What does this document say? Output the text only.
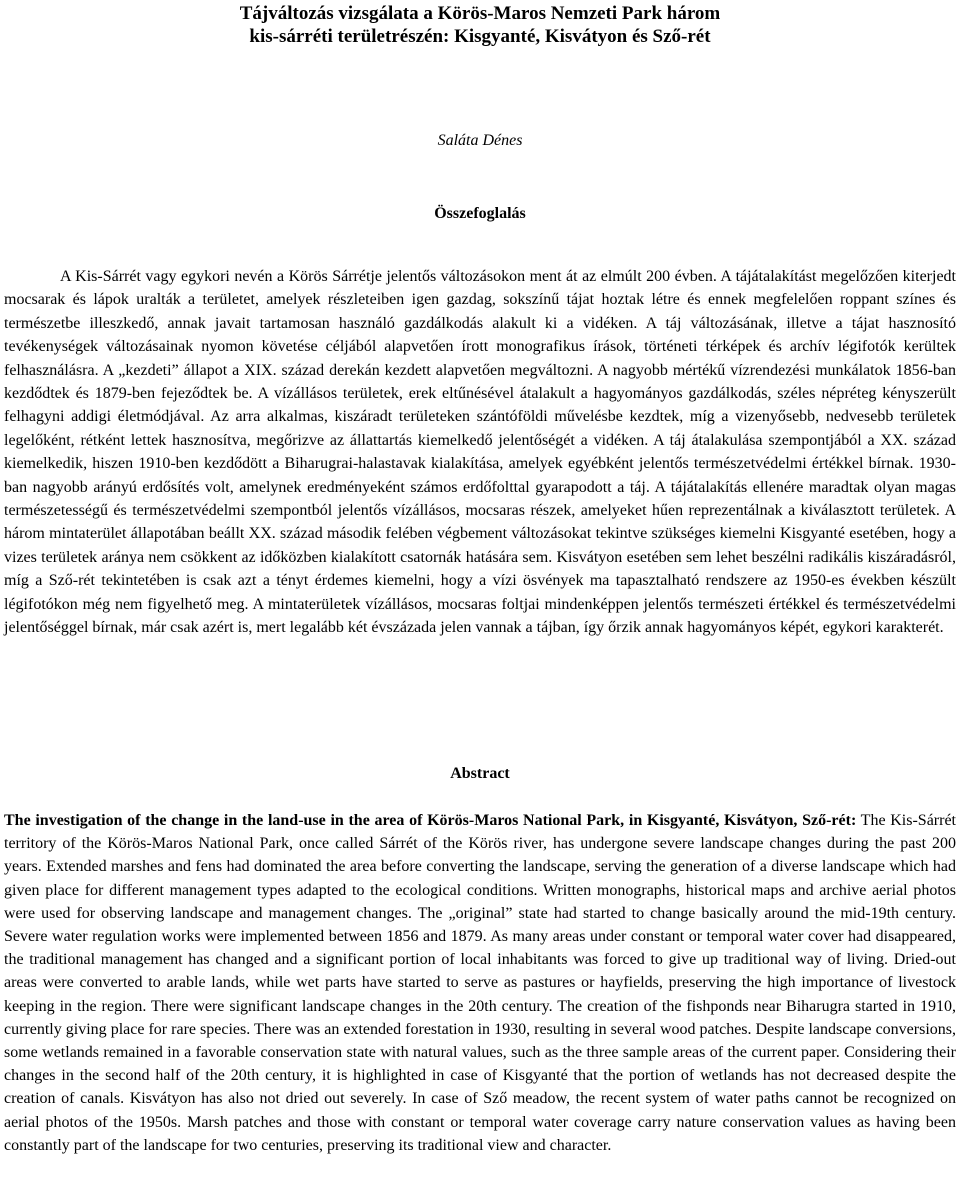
Tájváltozás vizsgálata a Körös-Maros Nemzeti Park három
kis-sárréti területrészén: Kisgyanté, Kisvátyon és Sző-rét
Saláta Dénes
Összefoglalás

A Kis-Sárrét vagy egykori nevén a Körös Sárrétje jelentős változásokon ment át az elmúlt 200 évben. A tájátalakítást megelőzően kiterjedt mocsarak és lápok uralták a területet, amelyek részleteiben igen gazdag, sokszínű tájat hoztak létre és ennek megfelelően roppant színes és természetbe illeszkedő, annak javait tartamosan használó gazdálkodás alakult ki a vidéken. A táj változásának, illetve a tájat hasznosító tevékenységek változásainak nyomon követése céljából alapvetően írott monografikus írások, történeti térképek és archív légifotók kerültek felhasználásra. A „kezdeti” állapot a XIX. század derekán kezdett alapvetően megváltozni. A nagyobb mértékű vízrendezési munkálatok 1856-ban kezdődtek és 1879-ben fejeződtek be. A vízállásos területek, erek eltűnésével átalakult a hagyományos gazdálkodás, széles népréteg kényszerült felhagyni addigi életmódjával. Az arra alkalmas, kiszáradt területeken szántóföldi művelésbe kezdtek, míg a vizenyősebb, nedvesebb területek legelőként, rétként lettek hasznosítva, megőrizve az állattartás kiemelkedő jelentőségét a vidéken. A táj átalakulása szempontjából a XX. század kiemelkedik, hiszen 1910-ben kezdődött a Biharugrai-halastavak kialakítása, amelyek egyébként jelentős természetvédelmi értékkel bírnak. 1930-ban nagyobb arányú erdősítés volt, amelynek eredményeként számos erdőfolttal gyarapodott a táj. A tájátalakítás ellenére maradtak olyan magas természetességű és természetvédelmi szempontból jelentős vízállásos, mocsaras részek, amelyeket hűen reprezentálnak a kiválasztott területek. A három mintaterület állapotában beállt XX. század második felében végbement változásokat tekintve szükséges kiemelni Kisgyanté esetében, hogy a vizes területek aránya nem csökkent az időközben kialakított csatornák hatására sem. Kisvátyon esetében sem lehet beszélni radikális kiszáradásról, míg a Sző-rét tekintetében is csak azt a tényt érdemes kiemelni, hogy a vízi ösvények ma tapasztalható rendszere az 1950-es években készült légifotókon még nem figyelhető meg. A mintaterületek vízállásos, mocsaras foltjai mindenképpen jelentős természeti értékkel és természetvédelmi jelentőséggel bírnak, már csak azért is, mert legalább két évszázada jelen vannak a tájban, így őrzik annak hagyományos képét, egykori karakterét.

Abstract

The investigation of the change in the land-use in the area of Körös-Maros National Park, in Kisgyanté, Kisvátyon, Sző-rét: The Kis-Sárrét territory of the Körös-Maros National Park, once called Sárrét of the Körös river, has undergone severe landscape changes during the past 200 years. Extended marshes and fens had dominated the area before converting the landscape, serving the generation of a diverse landscape which had given place for different management types adapted to the ecological conditions. Written monographs, historical maps and archive aerial photos were used for observing landscape and management changes. The „original” state had started to change basically around the mid-19th century. Severe water regulation works were implemented between 1856 and 1879. As many areas under constant or temporal water cover had disappeared, the traditional management has changed and a significant portion of local inhabitants was forced to give up traditional way of living. Dried-out areas were converted to arable lands, while wet parts have started to serve as pastures or hayfields, preserving the high importance of livestock keeping in the region. There were significant landscape changes in the 20th century. The creation of the fishponds near Biharugra started in 1910, currently giving place for rare species. There was an extended forestation in 1930, resulting in several wood patches. Despite landscape conversions, some wetlands remained in a favorable conservation state with natural values, such as the three sample areas of the current paper. Considering their changes in the second half of the 20th century, it is highlighted in case of Kisgyanté that the portion of wetlands has not decreased despite the creation of canals. Kisvátyon has also not dried out severely. In case of Sző meadow, the recent system of water paths cannot be recognized on aerial photos of the 1950s. Marsh patches and those with constant or temporal water coverage carry nature conservation values as having been constantly part of the landscape for two centuries, preserving its traditional view and character.
